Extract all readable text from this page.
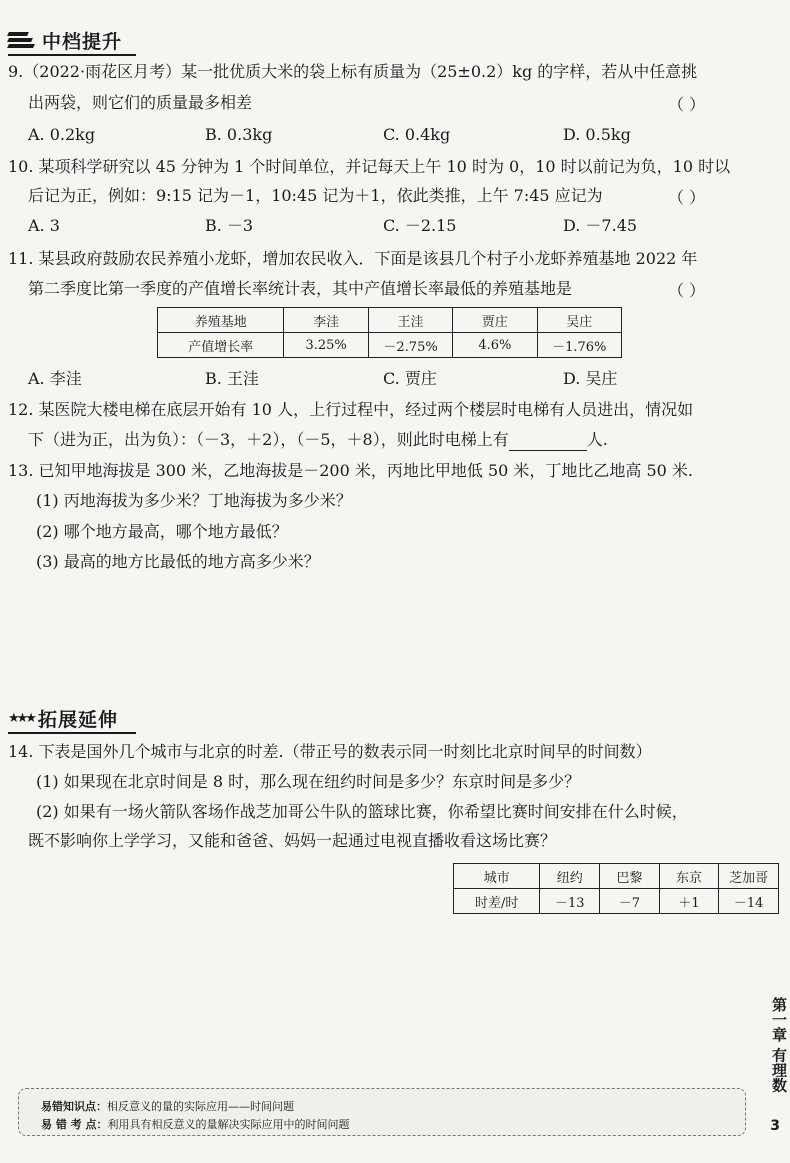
中档提升
9.（2022·雨花区月考）某一批优质大米的袋上标有质量为（25±0.2）kg 的字样，若从中任意挑
出两袋，则它们的质量最多相差	（ ）
A. 0.2kg	B. 0.3kg	C. 0.4kg	D. 0.5kg
10. 某项科学研究以 45 分钟为 1 个时间单位，并记每天上午 10 时为 0，10 时以前记为负，10 时以
后记为正，例如：9:15 记为－1，10:45 记为＋1，依此类推，上午 7:45 应记为	（ ）
A. 3	B. －3	C. －2.15	D. －7.45
11. 某县政府鼓励农民养殖小龙虾，增加农民收入．下面是该县几个村子小龙虾养殖基地 2022 年
第二季度比第一季度的产值增长率统计表，其中产值增长率最低的养殖基地是	（ ）
养殖基地	李洼	王洼	贾庄	吴庄
产值增长率	3.25%	－2.75%	4.6%	－1.76%
A. 李洼	B. 王洼	C. 贾庄	D. 吴庄
12. 某医院大楼电梯在底层开始有 10 人，上行过程中，经过两个楼层时电梯有人员进出，情况如
下（进为正，出为负）：（－3，＋2），（－5，＋8），则此时电梯上有	人.
13. 已知甲地海拔是 300 米，乙地海拔是－200 米，丙地比甲地低 50 米，丁地比乙地高 50 米.
(1) 丙地海拔为多少米？丁地海拔为多少米？
(2) 哪个地方最高，哪个地方最低？
(3) 最高的地方比最低的地方高多少米？
★★★ 拓展延伸
14. 下表是国外几个城市与北京的时差.（带正号的数表示同一时刻比北京时间早的时间数）
(1) 如果现在北京时间是 8 时，那么现在纽约时间是多少？东京时间是多少？
(2) 如果有一场火箭队客场作战芝加哥公牛队的篮球比赛，你希望比赛时间安排在什么时候，
既不影响你上学学习，又能和爸爸、妈妈一起通过电视直播收看这场比赛？
城市	纽约	巴黎	东京	芝加哥
时差/时	－13	－7	＋1	－14
第一章 有理数
易错知识点：相反意义的量的实际应用——时间问题
易 错 考 点：利用具有相反意义的量解决实际应用中的时间问题	3
